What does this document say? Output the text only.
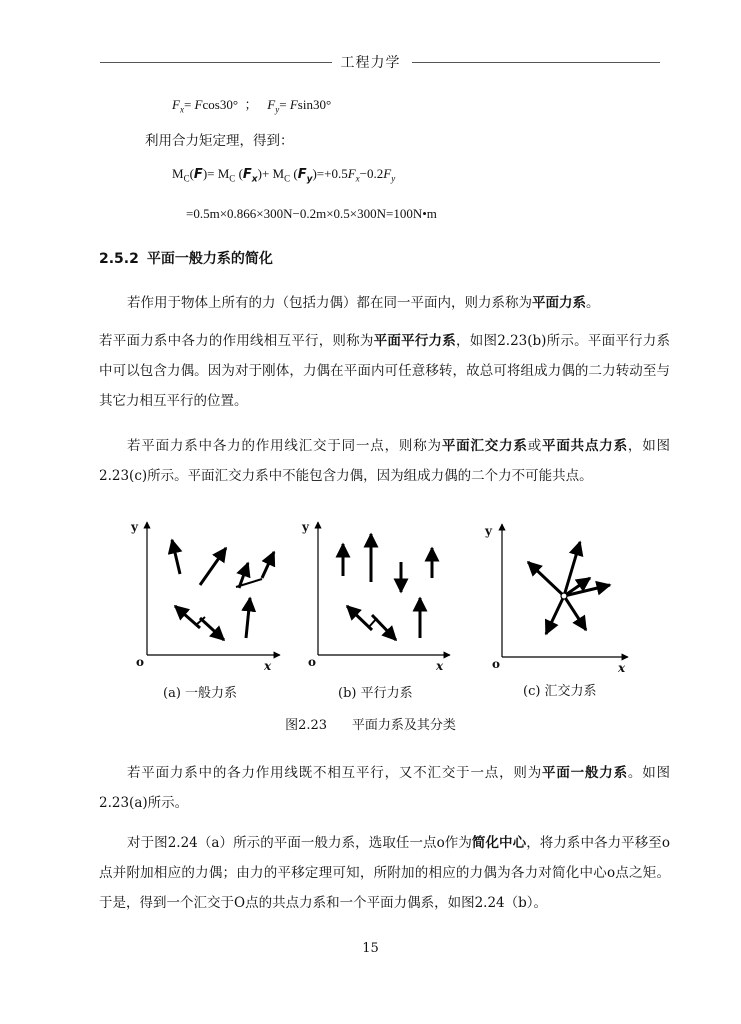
工程力学
$F_x= Fcos30^\circ$  ；   $F_y= Fsin30^\circ$
利用合力矩定理，得到：
$M_C(F)= M_C$ $(F_x)+ M_C$ $(F_y)=+0.5F_x-0.2F_y$
=0.5m×0.866×300N−0.2m×0.5×300N=100N•m
2.5.2 平面一般力系的简化
若作用于物体上所有的力（包括力偶）都在同一平面内，则力系称为平面力系。
若平面力系中各力的作用线相互平行，则称为平面平行力系，如图2.23(b)所示。平面平行力系中可以包含力偶。因为对于刚体，力偶在平面内可任意移转，故总可将组成力偶的二力转动至与其它力相互平行的位置。
若平面力系中各力的作用线汇交于同一点，则称为平面汇交力系或平面共点力系，如图2.23(c)所示。平面汇交力系中不能包含力偶，因为组成力偶的二个力不可能共点。
y
o	x
y
o	x
y
o	x
(a) 一般力系	(b) 平行力系	(c) 汇交力系
图2.23      平面力系及其分类
若平面力系中的各力作用线既不相互平行，又不汇交于一点，则为平面一般力系。如图2.23(a)所示。
对于图2.24（a）所示的平面一般力系，选取任一点o作为简化中心，将力系中各力平移至o点并附加相应的力偶；由力的平移定理可知，所附加的相应的力偶为各力对简化中心o点之矩。于是，得到一个汇交于O点的共点力系和一个平面力偶系，如图2.24（b）。
15
